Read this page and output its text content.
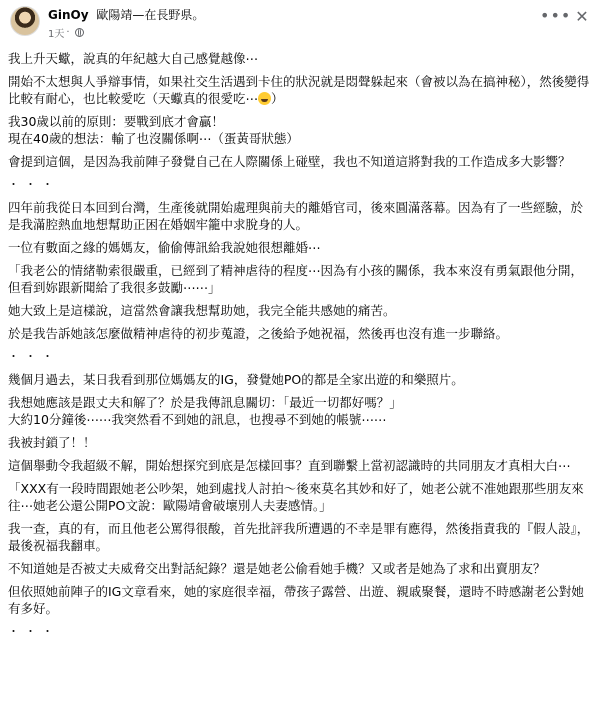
GinOy 歐陽靖—在長野県。
1天 ·
••• ✕

我上升天蠍，說真的年紀越大自己感覺越像⋯

開始不太想與人爭辯事情，如果社交生活遇到卡住的狀況就是悶聲躲起來（會被以為在搞神秘），然後變得比較有耐心，也比較愛吃（天蠍真的很愛吃⋯ ）

我30歲以前的原則：要戰到底才會贏！
現在40歲的想法：輸了也沒關係啊⋯（蛋黃哥狀態）

會提到這個，是因為我前陣子發覺自己在人際關係上碰壁，我也不知道這將對我的工作造成多大影響？

・・・

四年前我從日本回到台灣，生產後就開始處理與前夫的離婚官司，後來圓滿落幕。因為有了一些經驗，於是我滿腔熱血地想幫助正困在婚姻牢籠中求脫身的人。

一位有數面之緣的媽媽友，偷偷傳訊給我說她很想離婚⋯

「我老公的情緒勒索很嚴重，已經到了精神虐待的程度⋯因為有小孩的關係，我本來沒有勇氣跟他分開，但看到妳跟新聞給了我很多鼓勵⋯⋯」

她大致上是這樣說，這當然會讓我想幫助她，我完全能共感她的痛苦。

於是我告訴她該怎麼做精神虐待的初步蒐證，之後給予她祝福，然後再也沒有進一步聯絡。

・・・

幾個月過去，某日我看到那位媽媽友的IG，發覺她PO的都是全家出遊的和樂照片。

我想她應該是跟丈夫和解了？於是我傳訊息關切：「最近一切都好嗎？」
大約10分鐘後⋯⋯我突然看不到她的訊息，也搜尋不到她的帳號⋯⋯

我被封鎖了！！

這個舉動令我超級不解，開始想探究到底是怎樣回事？直到聯繫上當初認識時的共同朋友才真相大白⋯

「XXX有一段時間跟她老公吵架，她到處找人討拍～後來莫名其妙和好了，她老公就不准她跟那些朋友來往⋯她老公還公開PO文說：歐陽靖會破壞別人夫妻感情。」

我一查，真的有，而且他老公罵得很酸，首先批評我所遭遇的不幸是罪有應得，然後指責我的『假人設』，最後祝福我翻車。

不知道她是否被丈夫威脅交出對話紀錄？還是她老公偷看她手機？又或者是她為了求和出賣朋友？

但依照她前陣子的IG文章看來，她的家庭很幸福，帶孩子露營、出遊、親戚聚餐，還時不時感謝老公對她有多好。

・・・
